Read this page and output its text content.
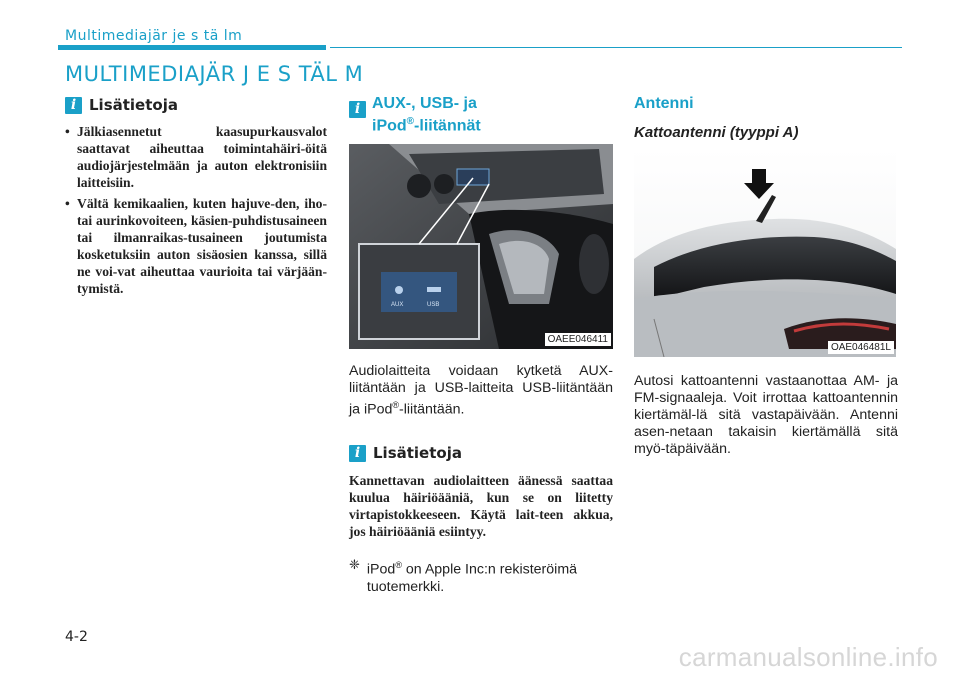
Multimediajär je s tä lm
MULTIMEDIAJÄR J E S TÄL M
i Lisätietoja
• Jälkiasennetut kaasupurkausvalot saattavat aiheuttaa toimintahäiri-öitä audiojärjestelmään ja auton elektronisiin laitteisiin.
• Vältä kemikaalien, kuten hajuve-den, iho- tai aurinkovoiteen, käsien-puhdistusaineen tai ilmanraikas-tusaineen joutumista kosketuksiin auton sisäosien kanssa, sillä ne voi-vat aiheuttaa vaurioita tai värjään-tymistä.
i AUX-, USB- ja
iPod®-liitännät
AUX	USB
OAEE046411

Audiolaitteita voidaan kytketä AUX-liitäntään ja USB-laitteita USB-liitäntään ja iPod®-liitäntään.

i Lisätietoja
Kannettavan audiolaitteen äänessä saattaa kuulua häiriöääniä, kun se on liitetty virtapistokkeeseen. Käytä lait-teen akkua, jos häiriöääniä esiintyy.
❈ iPod® on Apple Inc:n rekisteröimä tuotemerkki.
Antenni
Kattoantenni (tyyppi A)
OAE046481L

Autosi kattoantenni vastaanottaa AM- ja FM-signaaleja. Voit irrottaa kattoantennin kiertämäl-lä sitä vastapäivään. Antenni asen-netaan takaisin kiertämällä sitä myö-täpäivään.

4-2
carmanualsonline.info
